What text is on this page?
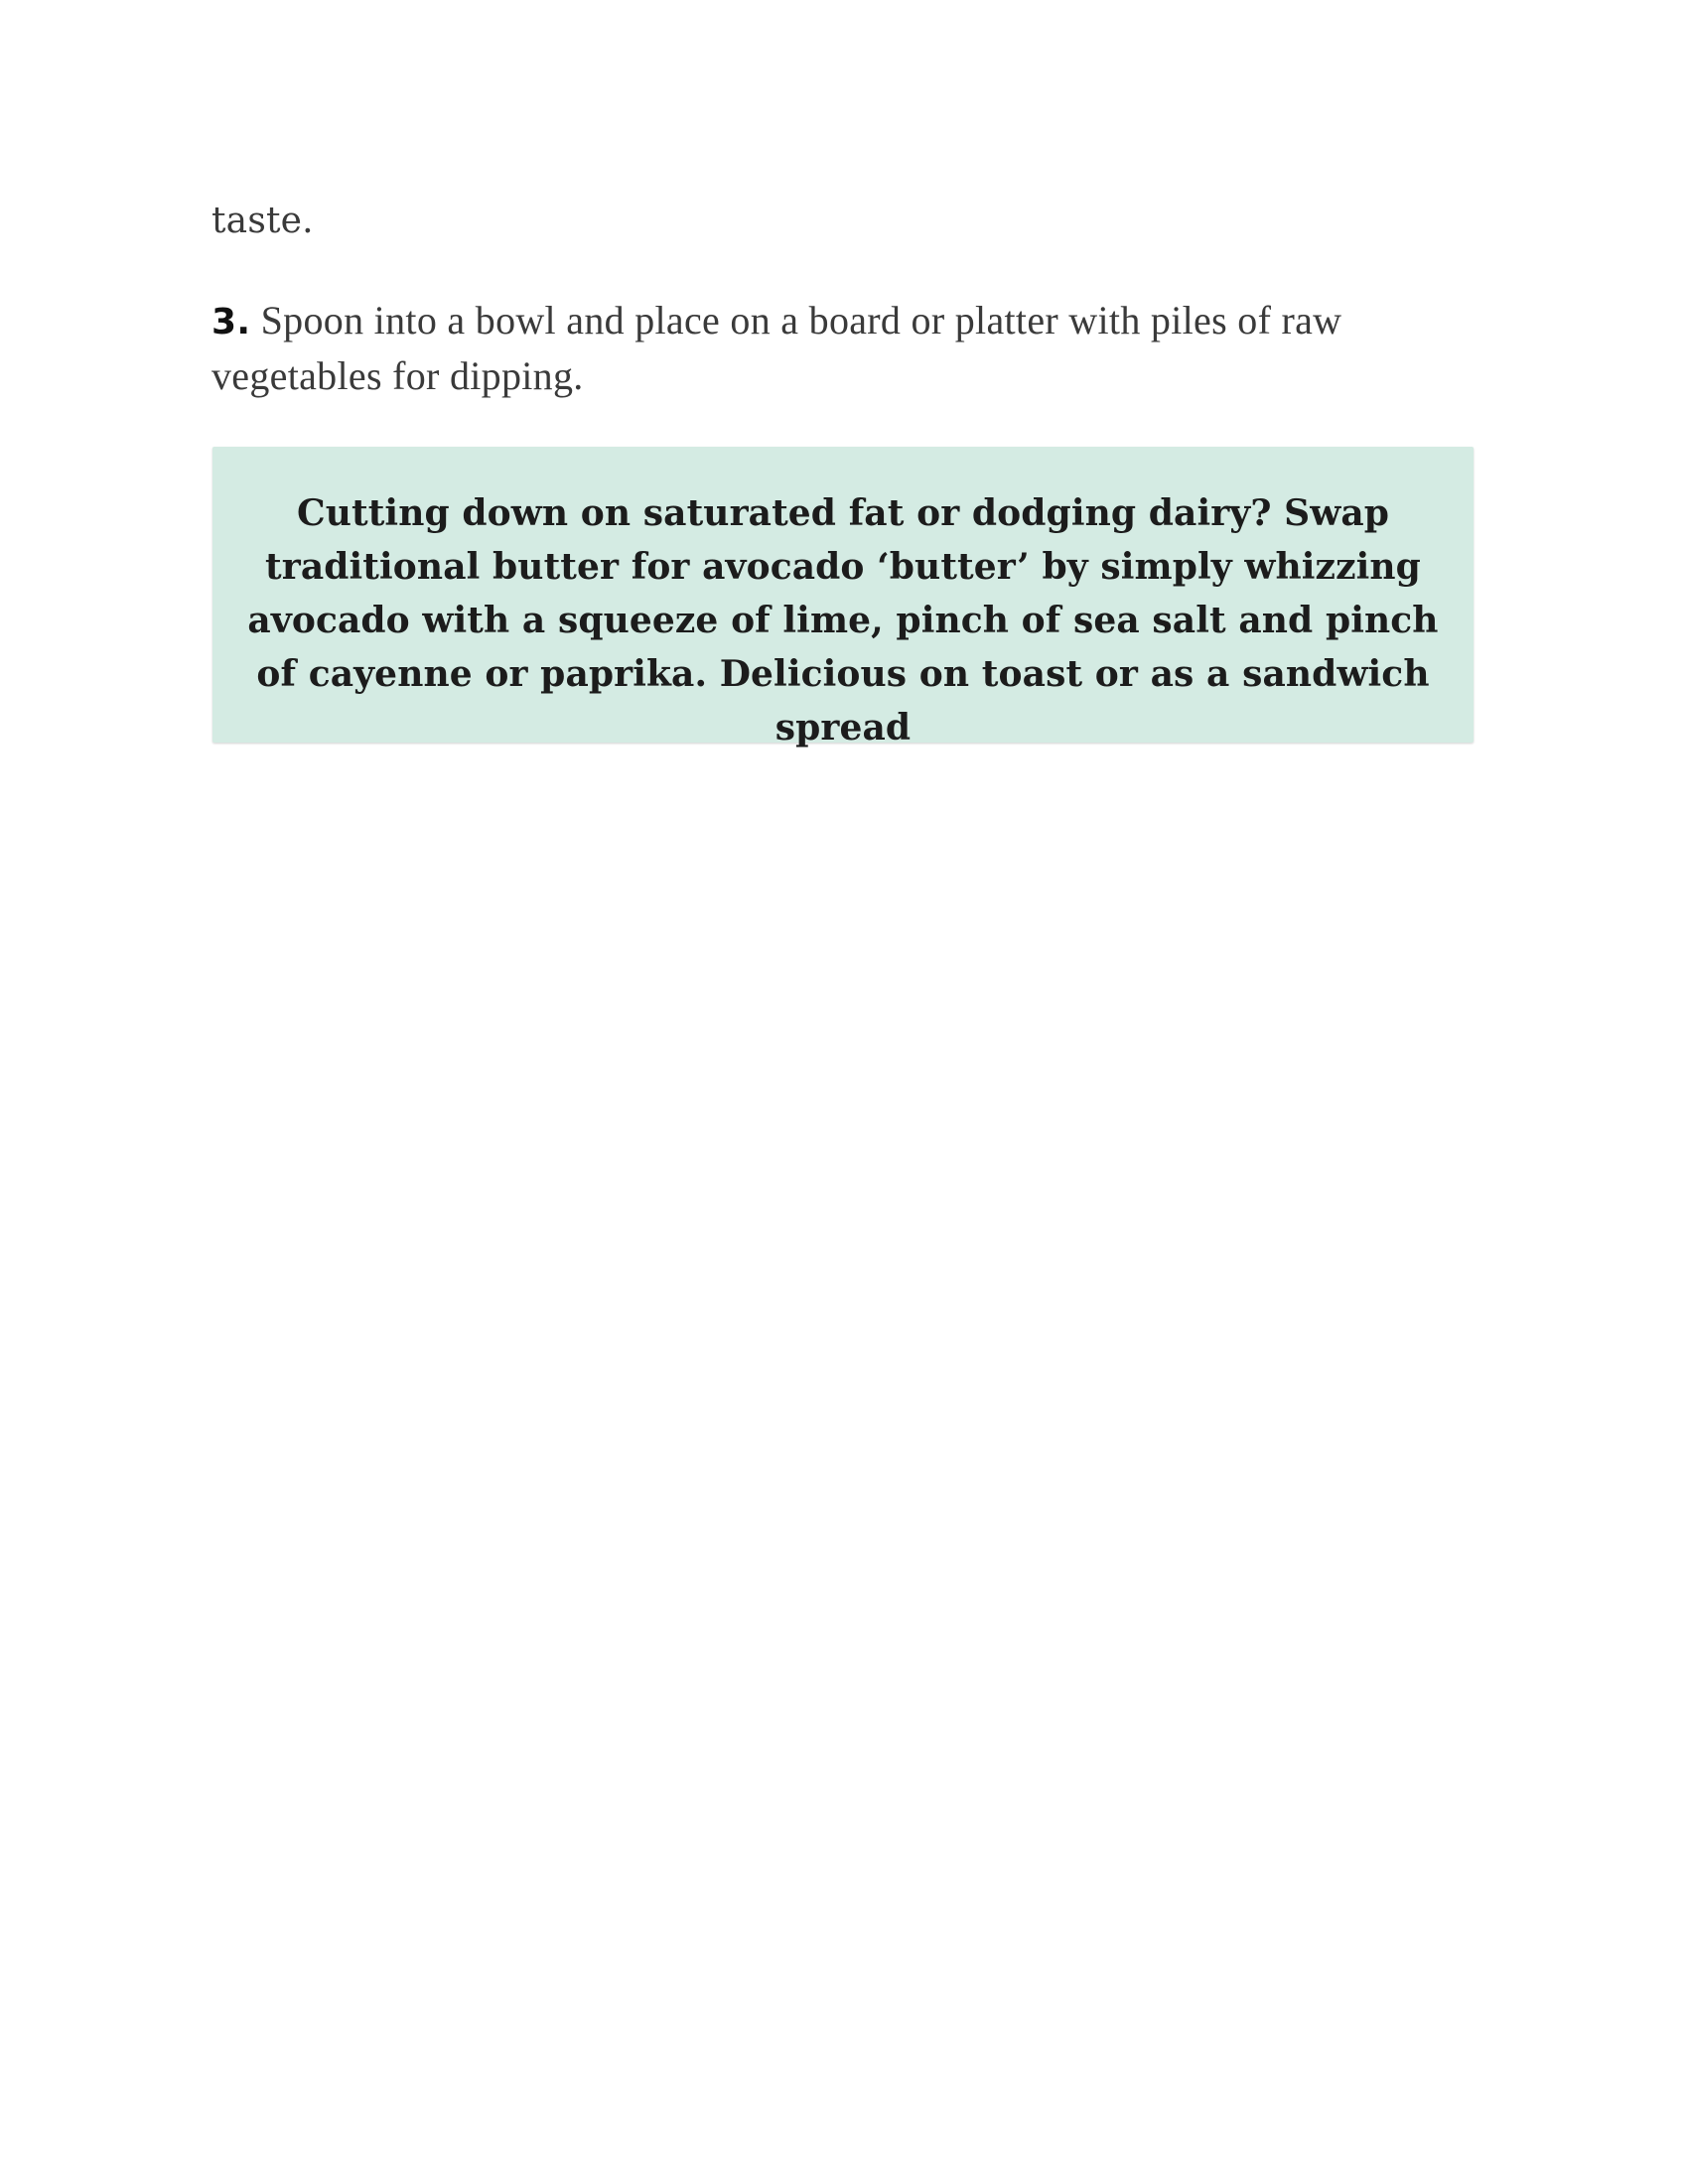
taste.

3. Spoon into a bowl and place on a board or platter with piles of raw vegetables for dipping.

Cutting down on saturated fat or dodging dairy? Swap traditional butter for avocado ‘butter’ by simply whizzing avocado with a squeeze of lime, pinch of sea salt and pinch of cayenne or paprika. Delicious on toast or as a sandwich spread
